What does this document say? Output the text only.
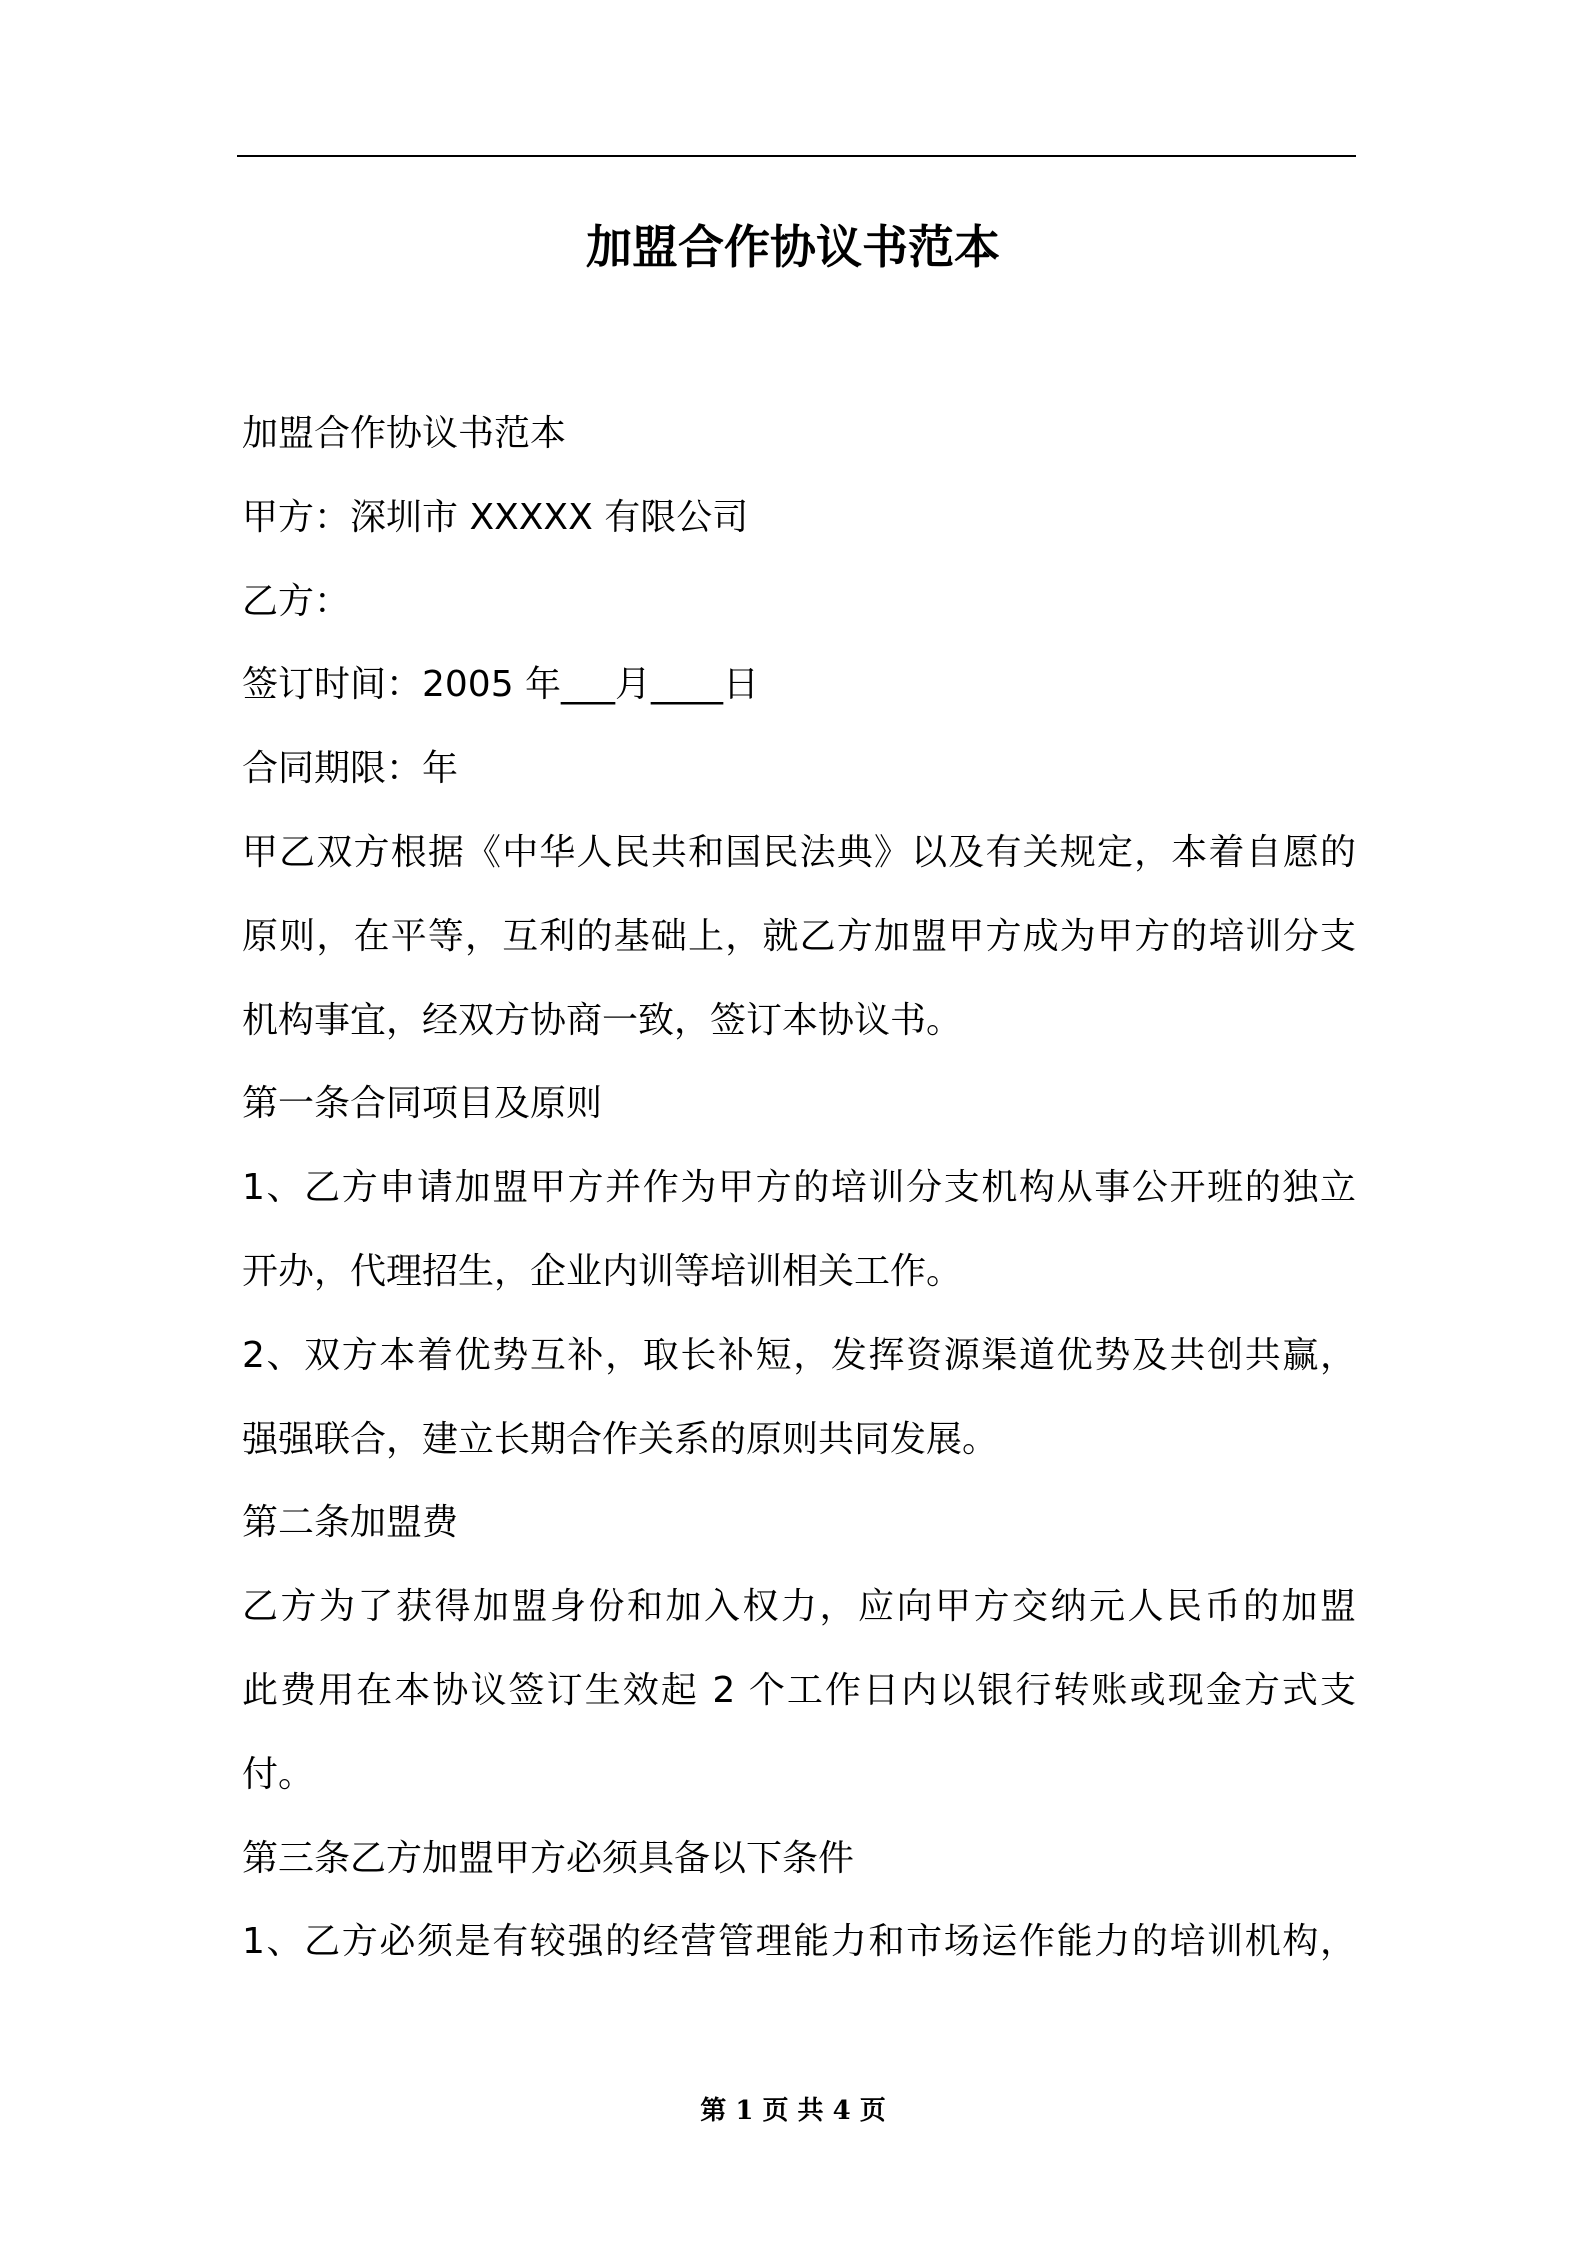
加盟合作协议书范本
加盟合作协议书范本
甲方：深圳市 XXXXX 有限公司
乙方：
签订时间：2005 年___月____日
合同期限：年
甲乙双方根据《中华人民共和国民法典》以及有关规定，本着自愿的
原则，在平等，互利的基础上，就乙方加盟甲方成为甲方的培训分支
机构事宜，经双方协商一致，签订本协议书。
第一条合同项目及原则
1、乙方申请加盟甲方并作为甲方的培训分支机构从事公开班的独立
开办，代理招生，企业内训等培训相关工作。
2、双方本着优势互补，取长补短，发挥资源渠道优势及共创共赢，
强强联合，建立长期合作关系的原则共同发展。
第二条加盟费
乙方为了获得加盟身份和加入权力，应向甲方交纳元人民币的加盟
此费用在本协议签订生效起 2 个工作日内以银行转账或现金方式支
付。
第三条乙方加盟甲方必须具备以下条件
1、乙方必须是有较强的经营管理能力和市场运作能力的培训机构，
第 1 页 共 4 页
